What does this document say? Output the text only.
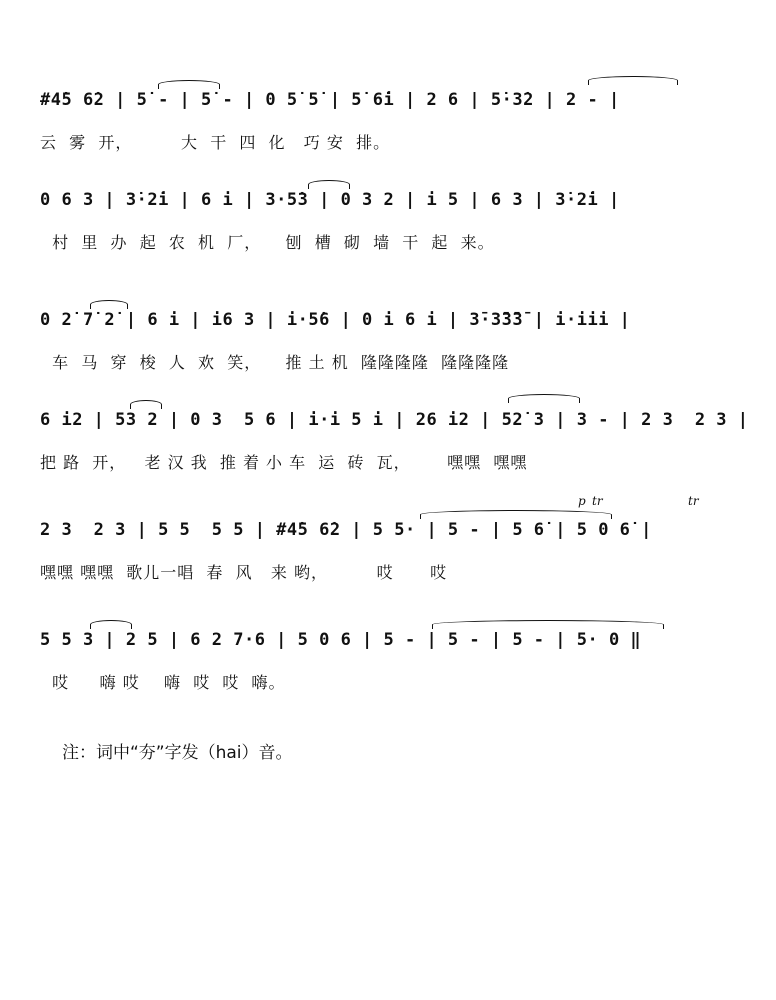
#4̇5 6̇2 | 5̇ - | 5̇ - | 0 5̇ 5̇ | 5̇ 6̇i | 2 6 | 5̇·3̇2 | 2 - |
云  雾  开，        大  干  四  化   巧 安  排。
0 6 3 | 3̇·2̇i | 6 i | 3·5̇3 | 0 3 2 | i 5 | 6 3 | 3̇·2̇i |
村  里  办  起  农  机  厂，    刨  槽  砌  墙  干  起  来。
0 2̇ 7̇ 2̇ | 6 i | i6 3 | i·5̇6 | 0 i 6 i | 3̄·3̄3̄3̄ | i·iii |
车  马  穿  梭  人  欢  笑，    推 土 机  隆隆隆隆  隆隆隆隆
6 i2 | 53 2 | 0 3  5 6 | i·i 5 i | 26 i2 | 52̇ 3 | 3 - | 2 3  2 3 |
把 路  开，   老 汉 我  推 着 小 车  运  砖  瓦，      嘿嘿  嘿嘿
2 3  2 3 | 5 5  5 5 | #4̇5 6̇2 | 5 5· | 5 - | 5 6̇ | 5 0 6̇ |
p tr	tr
嘿嘿 嘿嘿  歌儿一唱  春  风   来 哟，        哎      哎
5 5 3 | 2 5 | 6 2 7·6 | 5 0 6 | 5 - | 5 - | 5 - | 5· 0 ‖
哎     嗨 哎    嗨  哎  哎  嗨。
注：词中“夯”字发（hai）音。
